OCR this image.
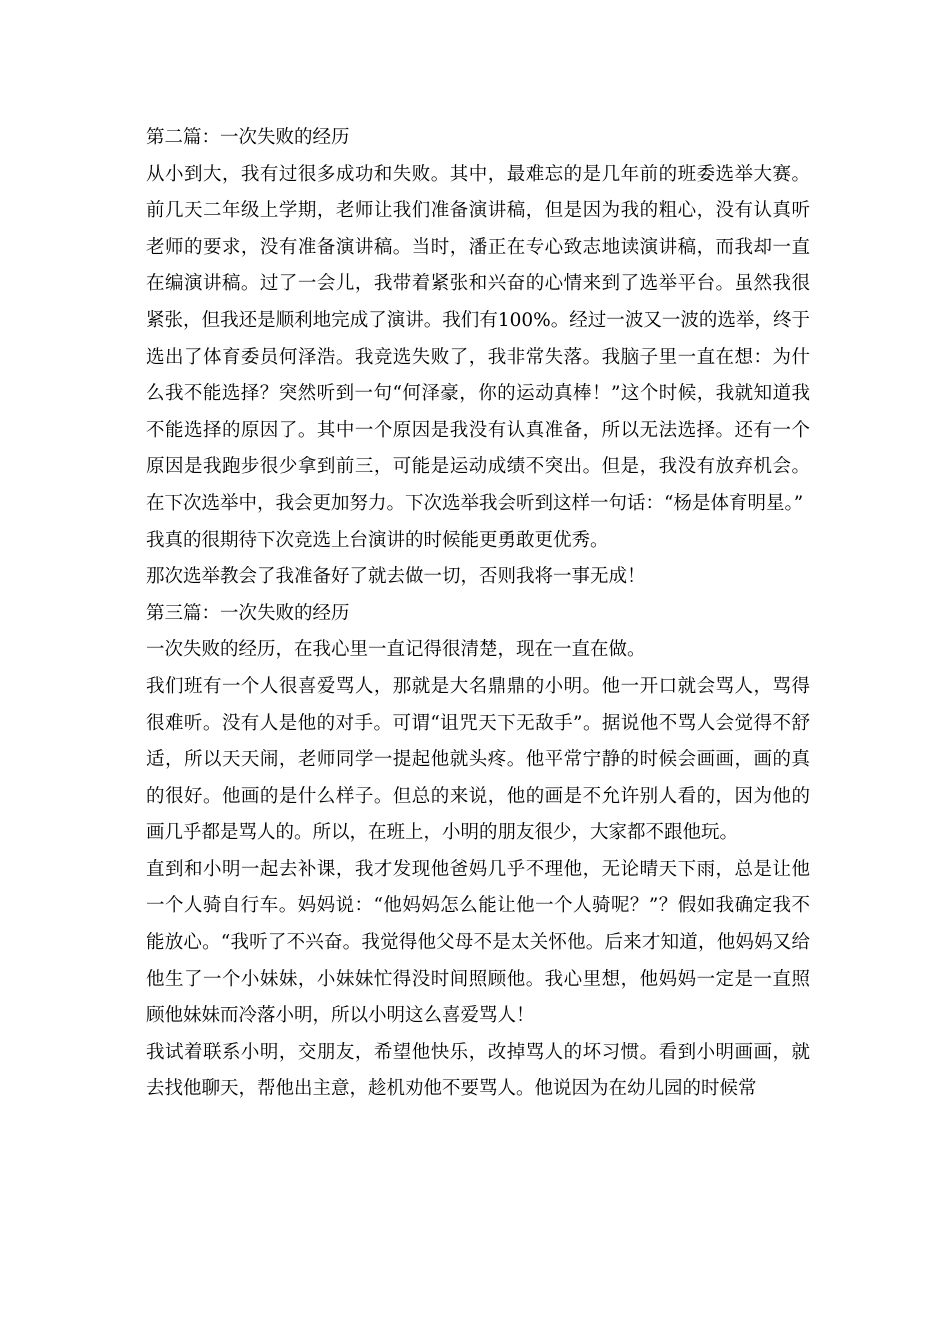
第二篇：一次失败的经历

从小到大，我有过很多成功和失败。其中，最难忘的是几年前的班委选举大赛。前几天二年级上学期，老师让我们准备演讲稿，但是因为我的粗心，没有认真听老师的要求，没有准备演讲稿。当时，潘正在专心致志地读演讲稿，而我却一直在编演讲稿。过了一会儿，我带着紧张和兴奋的心情来到了选举平台。虽然我很紧张，但我还是顺利地完成了演讲。我们有100%。经过一波又一波的选举，终于选出了体育委员何泽浩。我竞选失败了，我非常失落。我脑子里一直在想：为什么我不能选择？突然听到一句“何泽豪，你的运动真棒！”这个时候，我就知道我不能选择的原因了。其中一个原因是我没有认真准备，所以无法选择。还有一个原因是我跑步很少拿到前三，可能是运动成绩不突出。但是，我没有放弃机会。在下次选举中，我会更加努力。下次选举我会听到这样一句话：“杨是体育明星。”

我真的很期待下次竞选上台演讲的时候能更勇敢更优秀。

那次选举教会了我准备好了就去做一切，否则我将一事无成！

第三篇：一次失败的经历

一次失败的经历，在我心里一直记得很清楚，现在一直在做。

我们班有一个人很喜爱骂人，那就是大名鼎鼎的小明。他一开口就会骂人，骂得很难听。没有人是他的对手。可谓“诅咒天下无敌手”。据说他不骂人会觉得不舒适，所以天天闹，老师同学一提起他就头疼。他平常宁静的时候会画画，画的真的很好。他画的是什么样子。但总的来说，他的画是不允许别人看的，因为他的画几乎都是骂人的。所以，在班上，小明的朋友很少，大家都不跟他玩。

直到和小明一起去补课，我才发现他爸妈几乎不理他，无论晴天下雨，总是让他一个人骑自行车。妈妈说：“他妈妈怎么能让他一个人骑呢？”？假如我确定我不能放心。“我听了不兴奋。我觉得他父母不是太关怀他。后来才知道，他妈妈又给他生了一个小妹妹，小妹妹忙得没时间照顾他。我心里想，他妈妈一定是一直照顾他妹妹而冷落小明，所以小明这么喜爱骂人！

我试着联系小明，交朋友，希望他快乐，改掉骂人的坏习惯。看到小明画画，就去找他聊天，帮他出主意，趁机劝他不要骂人。他说因为在幼儿园的时候常
